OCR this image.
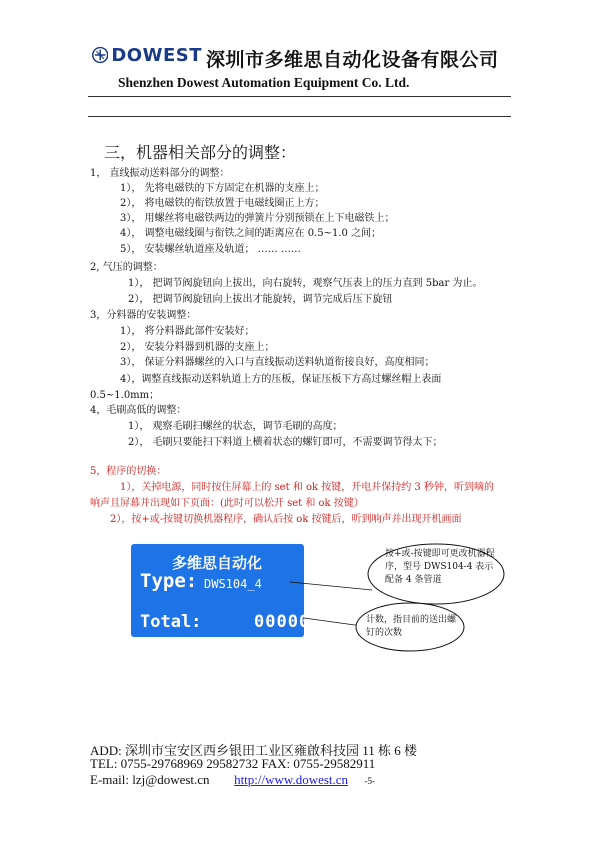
DOWEST 深圳市多维思自动化设备有限公司
Shenzhen Dowest Automation Equipment Co. Ltd.
三，机器相关部分的调整：
1， 直线振动送料部分的调整：
1）， 先将电磁铁的下方固定在机器的支座上；
2）， 将电磁铁的衔铁放置于电磁线圈正上方；
3）， 用螺丝将电磁铁两边的弹簧片分别预锁在上下电磁铁上；
4）， 调整电磁线圈与衔铁之间的距离应在 0.5~1.0 之间；
5）， 安装螺丝轨道座及轨道； …… ……
2, 气压的调整：
1）， 把调节阀旋钮向上拔出，向右旋转，观察气压表上的压力直到 5bar 为止。
2）， 把调节阀旋钮向上拔出才能旋转，调节完成后压下旋钮
3，分料器的安装调整：
1）， 将分料器此部件安装好；
2）， 安装分料器到机器的支座上；
3）， 保证分料器螺丝的入口与直线振动送料轨道衔接良好，高度相同；
4），调整直线振动送料轨道上方的压板，保证压板下方高过螺丝帽上表面
0.5~1.0mm；
4，毛刷高低的调整：
1）， 观察毛刷扫螺丝的状态，调节毛刷的高度；
2）， 毛刷只要能扫下料道上横着状态的螺钉即可，不需要调节得太下；
5，程序的切换：
1），关掉电源，同时按住屏幕上的 set 和 ok 按键，开电并保持约 3 秒钟，听到嘀的
响声且屏幕并出现如下页面：(此时可以松开 set 和 ok 按键）
2），按+或-按键切换机器程序，确认后按 ok 按键后，听到响声并出现开机画面
多维思自动化
Type: DWS104_4
Total:	00000
按+或-按键即可更改机器程序，型号 DWS104-4 表示配备 4 条管道
计数，指目前的送出螺钉的次数
ADD: 深圳市宝安区西乡银田工业区雍啟科技园 11 栋 6 楼
TEL: 0755-29768969 29582732 FAX: 0755-29582911
E-mail: lzj@dowest.cn http://www.dowest.cn -5-
